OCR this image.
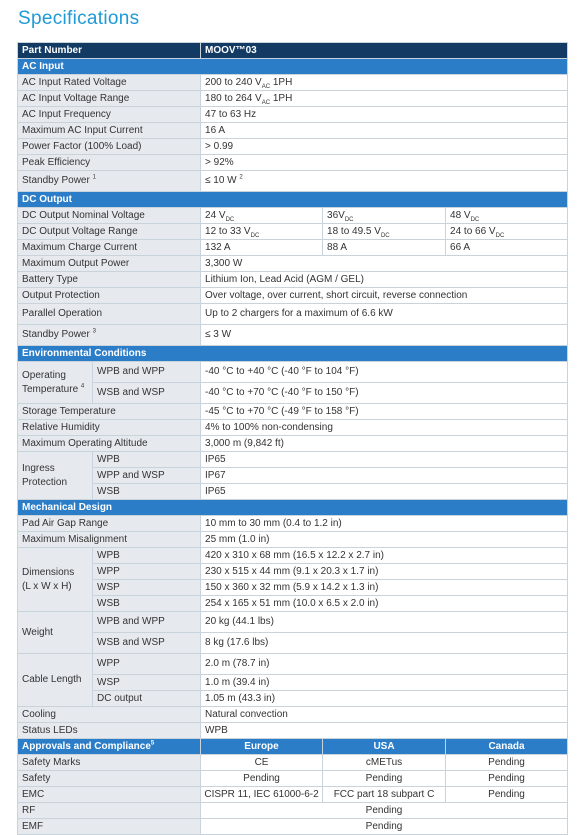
Specifications
Part Number		MOOV™03		
AC Input				
AC Input Rated Voltage		200 to 240 $V_{AC}$ 1PH		
AC Input Voltage Range		180 to 264 $V_{AC}$ 1PH		
AC Input Frequency		47 to 63 Hz		
Maximum AC Input Current		16 A		
Power Factor (100% Load)		> 0.99		
Peak Efficiency		> 92%		
Standby Power $^1$		≤ 10 W $^2$
DC Output				
DC Output Nominal Voltage		24 $V_{DC}$	$36V_{DC}$	48 $V_{DC}$
DC Output Voltage Range		12 to 33 $V_{DC}$	18 to 49.5 $V_{DC}$	24 to 66 $V_{DC}$
Maximum Charge Current		132 A	88 A	66 A
Maximum Output Power		3,300 W		
Battery Type		Lithium Ion, Lead Acid (AGM / GEL)		
Output Protection		Over voltage, over current, short circuit, reverse connection		
Parallel Operation		Up to 2 chargers for a maximum of 6.6 kW		
Standby Power $^3$		≤ 3 W		
Environmental Conditions				
Operating
Temperature $^4$	WPB and WPP	-40 °C to +40 °C (-40 °F to 104 °F)		
	WSB and WSP	-40 °C to +70 °C (-40 °F to 150 °F)		
Storage Temperature		-45 °C to +70 °C (-49 °F to 158 °F)		
Relative Humidity		4% to 100% non-condensing		
Maximum Operating Altitude		3,000 m (9,842 ft)		
Ingress
Protection	WPB	IP65		
	WPP and WSP	IP67		
	WSB	IP65		
Mechanical Design				
Pad Air Gap Range		10 mm to 30 mm (0.4 to 1.2 in)		
Maximum Misalignment		25 mm (1.0 in)		
Dimensions
(L x W x H)	WPB	420 x 310 x 68 mm (16.5 x 12.2 x 2.7 in)		
	WPP	230 x 515 x 44 mm (9.1 x 20.3 x 1.7 in)		
	WSP	150 x 360 x 32 mm (5.9 x 14.2 x 1.3 in)		
	WSB	254 x 165 x 51 mm (10.0 x 6.5 x 2.0 in)		
Weight	WPB and WPP	20 kg (44.1 lbs)		
	WSB and WSP	8 kg (17.6 lbs)		
Cable Length	WPP	2.0 m (78.7 in)		
	WSP	1.0 m (39.4 in)		
	DC output	1.05 m (43.3 in)		
Cooling		Natural convection		
Status LEDs		WPB		
Approvals and Compliance$^5$		Europe	USA	Canada
Safety Marks		CE	cMETus	Pending
Safety		Pending	Pending	Pending
EMC		CISPR 11, IEC 61000-6-2	FCC part 18 subpart C	Pending
RF		Pending		
EMF		Pending		
